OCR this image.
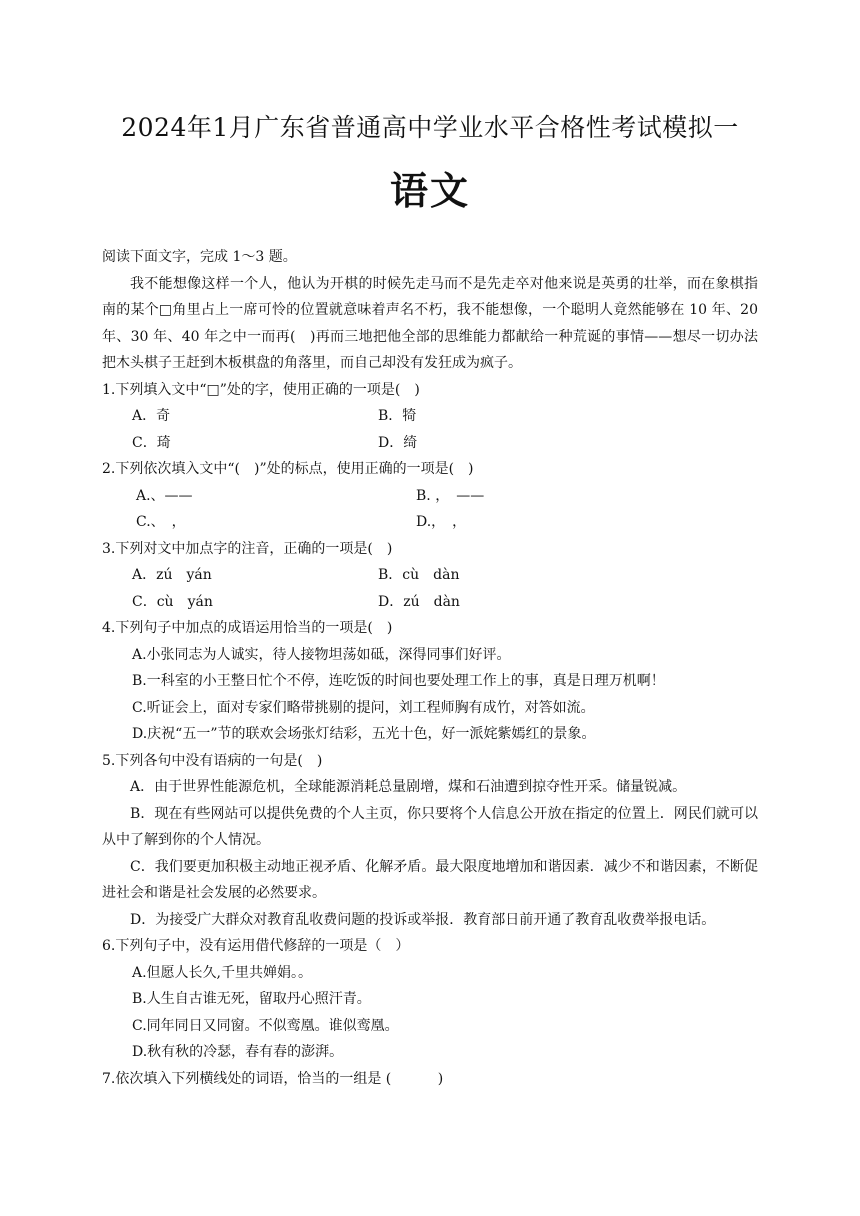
2024年1月广东省普通高中学业水平合格性考试模拟一
语文

阅读下面文字，完成 1～3 题。

我不能想像这样一个人，他认为开棋的时候先走马而不是先走卒对他来说是英勇的壮举，而在象棋指南的某个□角里占上一席可怜的位置就意味着声名不朽，我不能想像，一个聪明人竟然能够在 10 年、20 年、30 年、40 年之中一而再(　)再而三地把他全部的思维能力都献给一种荒诞的事情——想尽一切办法把木头棋子王赶到木板棋盘的角落里，而自己却没有发狂成为疯子。

1.下列填入文中“□”处的字，使用正确的一项是(　)

A．奇	B．犄
C．琦	D．绮

2.下列依次填入文中“(　)”处的标点，使用正确的一项是(　)

A.、——	B. ，　——
C.、　，	D.，　，

3.下列对文中加点字的注音，正确的一项是(　)

A．zú　yán	B．cù　dàn
C．cù　yán	D．zú　dàn

4.下列句子中加点的成语运用恰当的一项是(　)

A.小张同志为人诚实，待人接物坦荡如砥，深得同事们好评。

B.一科室的小王整日忙个不停，连吃饭的时间也要处理工作上的事，真是日理万机啊！

C.听证会上，面对专家们略带挑剔的提问，刘工程师胸有成竹，对答如流。

D.庆祝“五一”节的联欢会场张灯结彩，五光十色，好一派姹紫嫣红的景象。

5.下列各句中没有语病的一句是(　)

A．由于世界性能源危机，全球能源消耗总量剧增，煤和石油遭到掠夺性开采。储量锐减。

B．现在有些网站可以提供免费的个人主页，你只要将个人信息公开放在指定的位置上．网民们就可以从中了解到你的个人情况。

C．我们要更加积极主动地正视矛盾、化解矛盾。最大限度地增加和谐因素．减少不和谐因素，不断促进社会和谐是社会发展的必然要求。

D．为接受广大群众对教育乱收费问题的投诉或举报．教育部日前开通了教育乱收费举报电话。

6.下列句子中，没有运用借代修辞的一项是（　）

A.但愿人长久,千里共婵娟。。

B.人生自古谁无死，留取丹心照汗青。

C.同年同日又同窗。不似鸾凰。谁似鸾凰。

D.秋有秋的冷瑟，春有春的澎湃。

7.依次填入下列横线处的词语，恰当的一组是 (　　　 )
